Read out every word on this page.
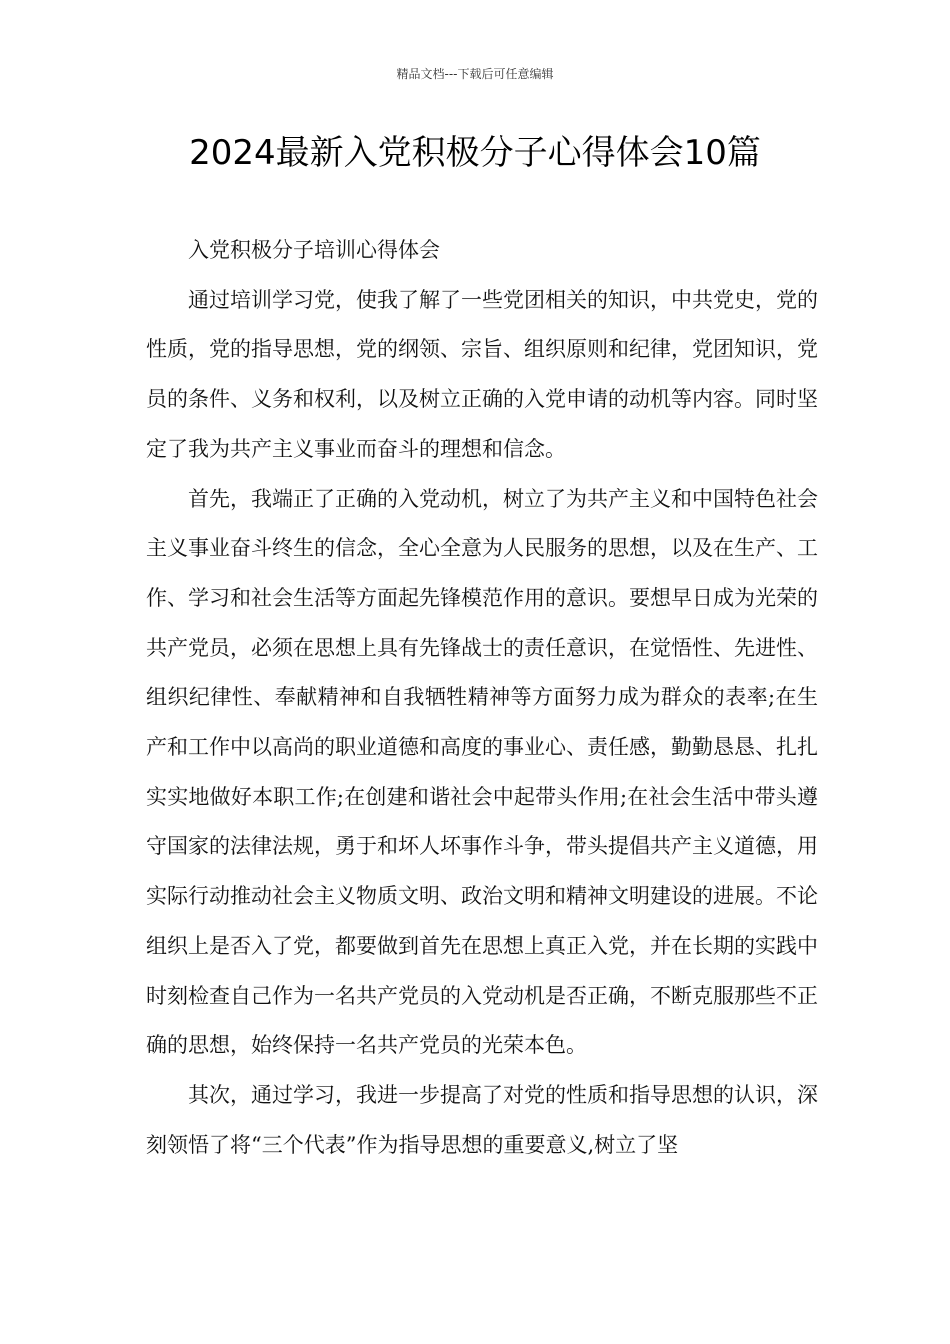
精品文档---下载后可任意编辑
2024最新入党积极分子心得体会10篇

入党积极分子培训心得体会

通过培训学习党，使我了解了一些党团相关的知识，中共党史，党的性质，党的指导思想，党的纲领、宗旨、组织原则和纪律，党团知识，党员的条件、义务和权利，以及树立正确的入党申请的动机等内容。同时坚定了我为共产主义事业而奋斗的理想和信念。

首先，我端正了正确的入党动机，树立了为共产主义和中国特色社会主义事业奋斗终生的信念，全心全意为人民服务的思想，以及在生产、工作、学习和社会生活等方面起先锋模范作用的意识。要想早日成为光荣的共产党员，必须在思想上具有先锋战士的责任意识，在觉悟性、先进性、组织纪律性、奉献精神和自我牺牲精神等方面努力成为群众的表率;在生产和工作中以高尚的职业道德和高度的事业心、责任感，勤勤恳恳、扎扎实实地做好本职工作;在创建和谐社会中起带头作用;在社会生活中带头遵守国家的法律法规，勇于和坏人坏事作斗争，带头提倡共产主义道德，用实际行动推动社会主义物质文明、政治文明和精神文明建设的进展。不论组织上是否入了党，都要做到首先在思想上真正入党，并在长期的实践中时刻检查自己作为一名共产党员的入党动机是否正确，不断克服那些不正确的思想，始终保持一名共产党员的光荣本色。

其次，通过学习，我进一步提高了对党的性质和指导思想的认识，深刻领悟了将“三个代表”作为指导思想的重要意义,树立了坚
